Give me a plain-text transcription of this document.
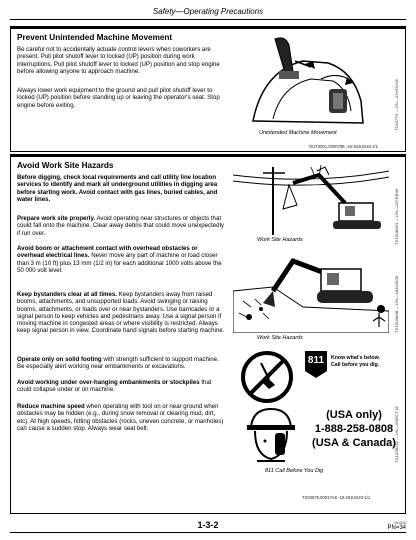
Safety—Operating Precautions
Prevent Unintended Machine Movement
Be careful not to accidentally actuate control levers when coworkers are present. Pull pilot shutoff lever to locked (UP) position during work interruptions. Pull pilot shutoff lever to locked (UP) position and stop engine before allowing anyone to approach machine.
Always lower work equipment to the ground and pull pilot shutoff lever to locked (UP) position before standing up or leaving the operator's seat. Stop engine before exiting.
Unintended Machine Movement
T216776 —UN—22NOV05
OUT4001,0000786 -19-28JUN18-1/1
Avoid Work Site Hazards
Before digging, check local requirements and call utility line location services to identify and mark all underground utilities in digging area before starting work. Avoid contact with gas lines, buried cables, and water lines.
Prepare work site properly. Avoid operating near structures or objects that could fall onto the machine. Clear away debris that could move unexpectedly if run over.
Avoid boom or attachment contact with overhead obstacles or overhead electrical lines. Never move any part of machine or load closer than 3 m (10 ft) plus 13 mm (1/2 in) for each additional 1000 volts above the 50 000 volt level.
Keep bystanders clear at all times. Keep bystanders away from raised booms, attachments, and unsupported loads. Avoid swinging or raising booms, attachments, or loads over or near bystanders. Use barricades or a signal person to keep vehicles and pedestrians away. Use a signal person if moving machine in congested areas or where visibility is restricted. Always keep signal person in view. Coordinate hand signals before starting machine.
Operate only on solid footing with strength sufficient to support machine. Be especially alert working near embankments or excavations.
Avoid working under over-hanging embankments or stockpiles that could collapse under or on machine.
Reduce machine speed when operating with tool on or near ground when obstacles may be hidden (e.g., during snow removal or clearing mud, dirt, etc). At high speeds, hitting obstacles (rocks, uneven concrete, or manholes) can cause a sudden stop. Always wear seat belt.
Work Site Hazards	TX1008001 —UN—21FEB06
Work Site Hazards
TX1004848 —UN—18AUG06
811	Know what's below.
Call before you dig.
(USA only)
1-888-258-0808
(USA & Canada)
811 Call Before You Dig
TX1038211 —UN—03OCT18
TX03679,00017A8 -19-26JUN23-1/1
1-3-2	041920
PN=34
